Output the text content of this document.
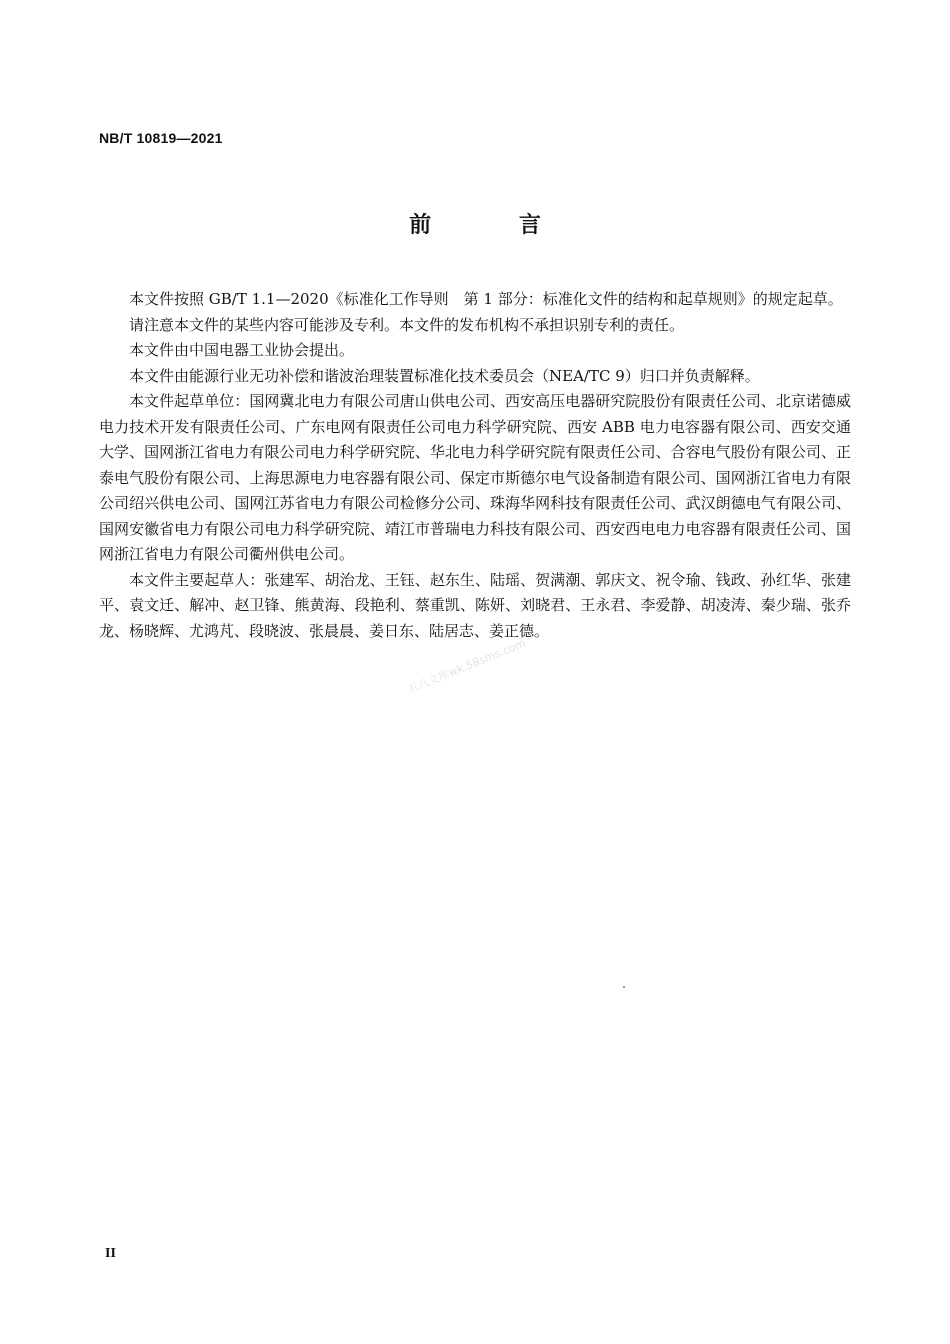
NB/T 10819—2021
前 言

本文件按照 GB/T 1.1—2020《标准化工作导则　第 1 部分：标准化文件的结构和起草规则》的规定起草。

请注意本文件的某些内容可能涉及专利。本文件的发布机构不承担识别专利的责任。

本文件由中国电器工业协会提出。

本文件由能源行业无功补偿和谐波治理装置标准化技术委员会（NEA/TC 9）归口并负责解释。

本文件起草单位：国网冀北电力有限公司唐山供电公司、西安高压电器研究院股份有限责任公司、北京诺德威电力技术开发有限责任公司、广东电网有限责任公司电力科学研究院、西安 ABB 电力电容器有限公司、西安交通大学、国网浙江省电力有限公司电力科学研究院、华北电力科学研究院有限责任公司、合容电气股份有限公司、正泰电气股份有限公司、上海思源电力电容器有限公司、保定市斯德尔电气设备制造有限公司、国网浙江省电力有限公司绍兴供电公司、国网江苏省电力有限公司检修分公司、珠海华网科技有限责任公司、武汉朗德电气有限公司、国网安徽省电力有限公司电力科学研究院、靖江市普瑞电力科技有限公司、西安西电电力电容器有限责任公司、国网浙江省电力有限公司衢州供电公司。

本文件主要起草人：张建军、胡治龙、王钰、赵东生、陆瑶、贺满潮、郭庆文、祝令瑜、钱政、孙红华、张建平、袁文迁、解冲、赵卫锋、熊黄海、段艳利、蔡重凯、陈妍、刘晓君、王永君、李爱静、胡凌涛、秦少瑞、张乔龙、杨晓辉、尤鸿芃、段晓波、张晨晨、姜日东、陆居志、姜正德。

五八文库wk.58sms.com
II
